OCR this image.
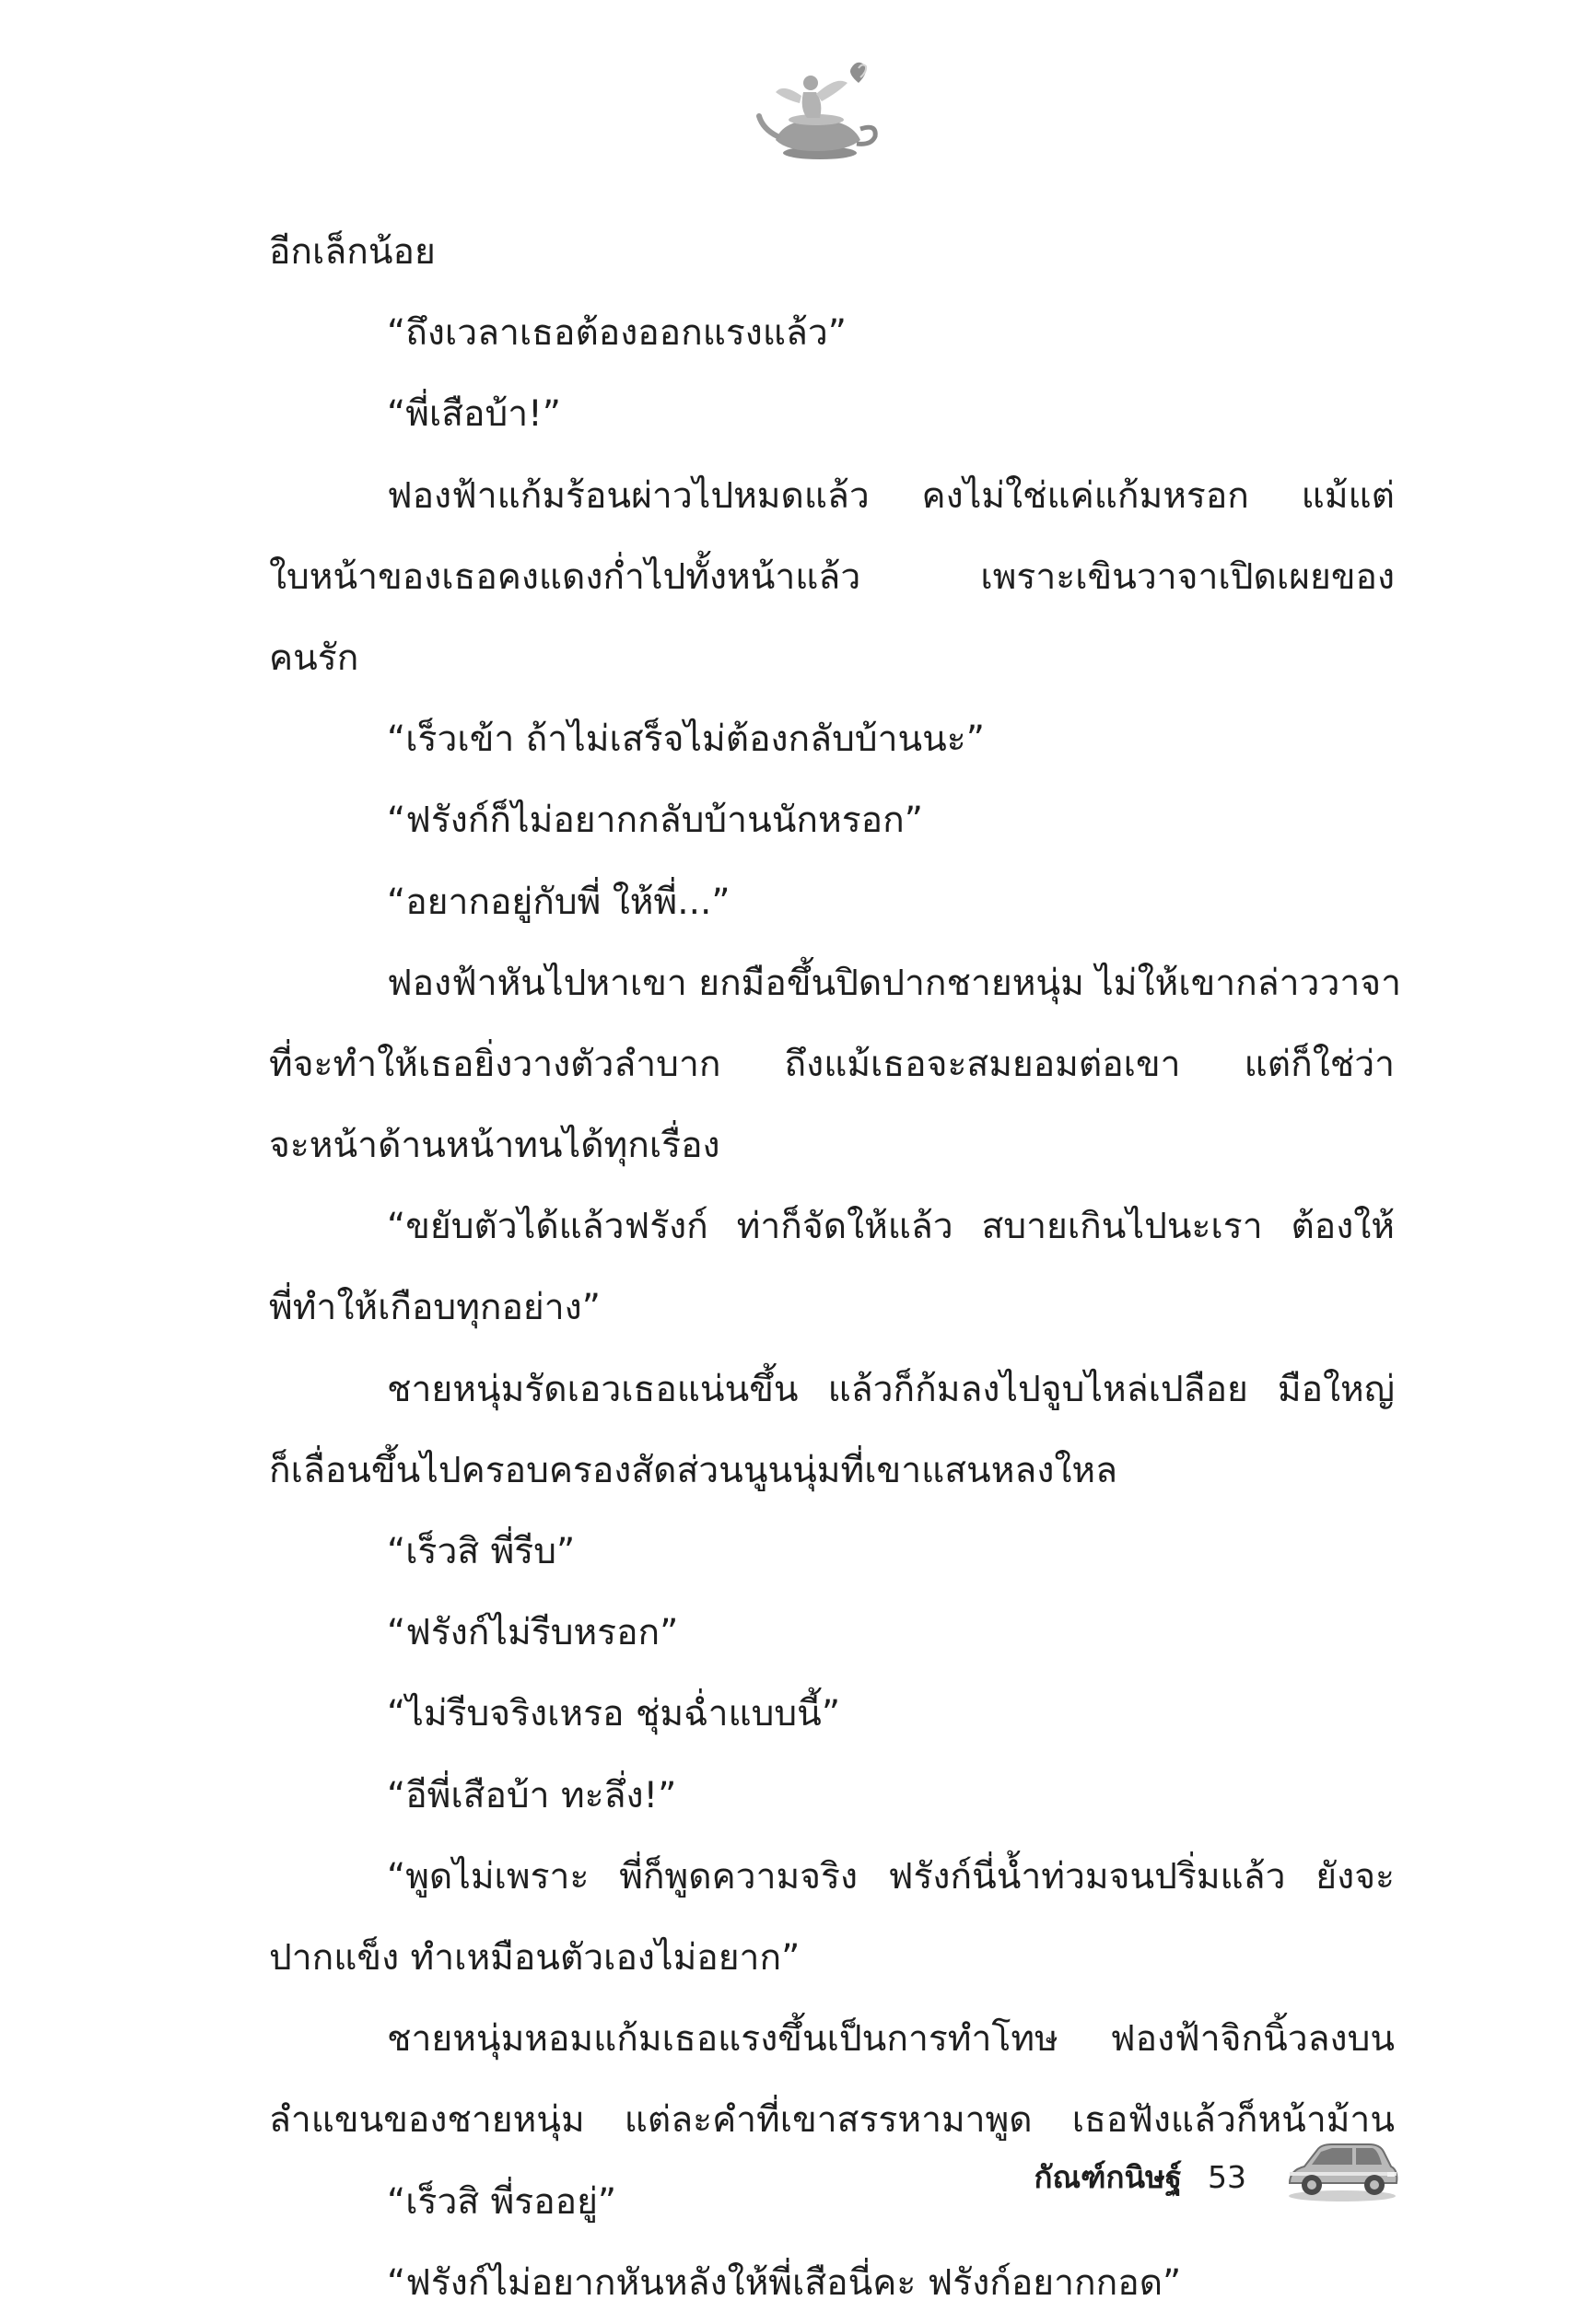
อีกเล็กน้อย
“ถึงเวลาเธอต้องออกแรงแล้ว”
“พี่เสือบ้า!”
ฟองฟ้าแก้มร้อนผ่าวไปหมดแล้ว คงไม่ใช่แค่แก้มหรอก แม้แต่
ใบหน้าของเธอคงแดงก่ำไปทั้งหน้าแล้ว เพราะเขินวาจาเปิดเผยของ
คนรัก
“เร็วเข้า ถ้าไม่เสร็จไม่ต้องกลับบ้านนะ”
“ฟรังก์ก็ไม่อยากกลับบ้านนักหรอก”
“อยากอยู่กับพี่ ให้พี่...”
ฟองฟ้าหันไปหาเขา ยกมือขึ้นปิดปากชายหนุ่ม ไม่ให้เขากล่าววาจา
ที่จะทำให้เธอยิ่งวางตัวลำบาก ถึงแม้เธอจะสมยอมต่อเขา แต่ก็ใช่ว่า
จะหน้าด้านหน้าทนได้ทุกเรื่อง
“ขยับตัวได้แล้วฟรังก์ ท่าก็จัดให้แล้ว สบายเกินไปนะเรา ต้องให้
พี่ทำให้เกือบทุกอย่าง”
ชายหนุ่มรัดเอวเธอแน่นขึ้น แล้วก็ก้มลงไปจูบไหล่เปลือย มือใหญ่
ก็เลื่อนขึ้นไปครอบครองสัดส่วนนูนนุ่มที่เขาแสนหลงใหล
“เร็วสิ พี่รีบ”
“ฟรังก์ไม่รีบหรอก”
“ไม่รีบจริงเหรอ ชุ่มฉ่ำแบบนี้”
“อีพี่เสือบ้า ทะลึ่ง!”
“พูดไม่เพราะ พี่ก็พูดความจริง ฟรังก์นี่น้ำท่วมจนปริ่มแล้ว ยังจะ
ปากแข็ง ทำเหมือนตัวเองไม่อยาก”
ชายหนุ่มหอมแก้มเธอแรงขึ้นเป็นการทำโทษ ฟองฟ้าจิกนิ้วลงบน
ลำแขนของชายหนุ่ม แต่ละคำที่เขาสรรหามาพูด เธอฟังแล้วก็หน้าม้าน
“เร็วสิ พี่รออยู่”
“ฟรังก์ไม่อยากหันหลังให้พี่เสือนี่คะ ฟรังก์อยากกอด”
กัณฑ์กนิษฐ์ 53
